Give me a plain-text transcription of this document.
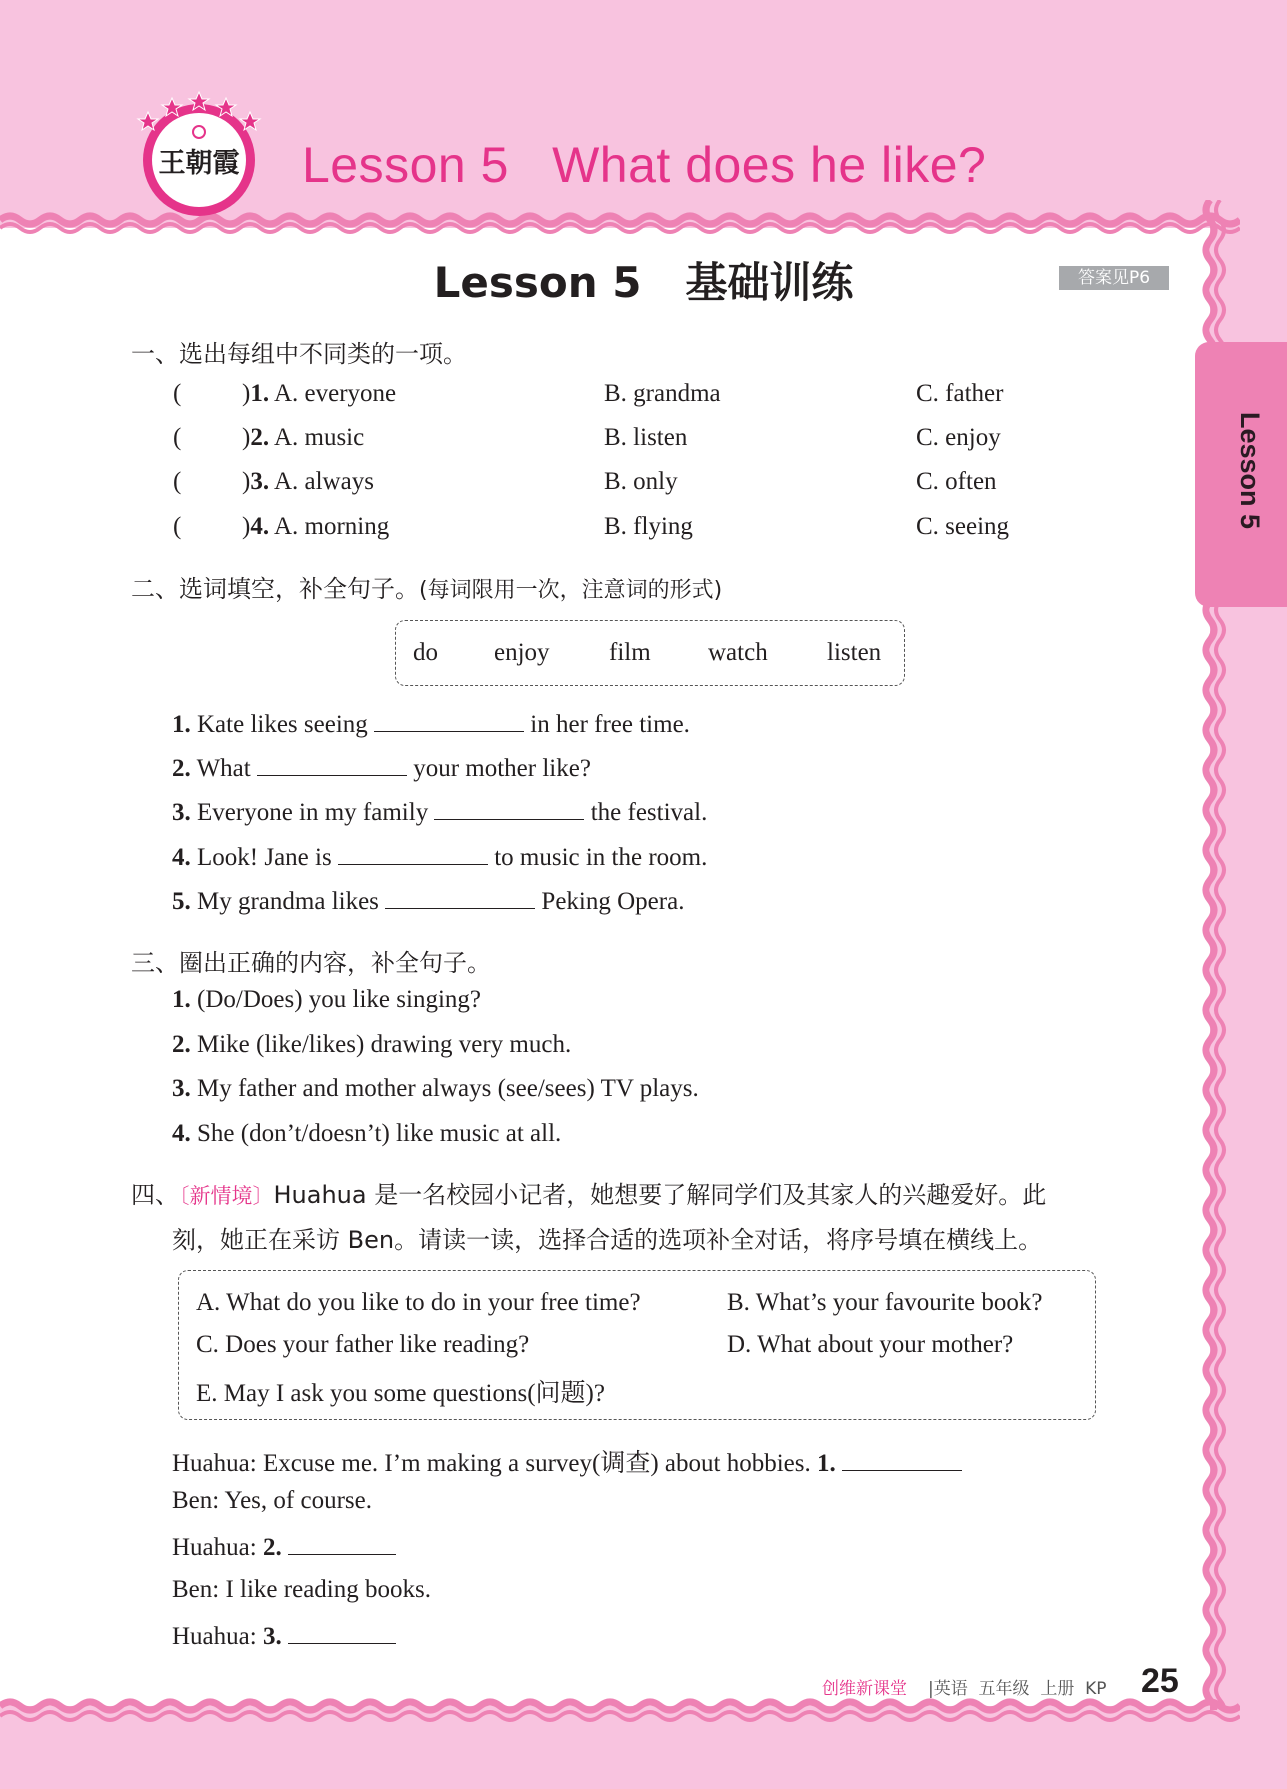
王朝霞 Lesson 5   What does he like?
Lesson 5
Lesson 5   基础训练	答案见P6
一、选出每组中不同类的一项。
( )1. A. everyone	B. grandma	C. father
( )2. A. music	B. listen	C. enjoy
( )3. A. always	B. only	C. often
( )4. A. morning	B. flying	C. seeing
二、选词填空，补全句子。(每词限用一次，注意词的形式)
do enjoy film watch listen
1. Kate likes seeing	in her free time.
2. What	your mother like?
3. Everyone in my family	the festival.
4. Look! Jane is	to music in the room.
5. My grandma likes	Peking Opera.
三、圈出正确的内容，补全句子。
1. (Do/Does) you like singing?
2. Mike (like/likes) drawing very much.
3. My father and mother always (see/sees) TV plays.
4. She (don’t/doesn’t) like music at all.
四、〔新情境〕Huahua 是一名校园小记者，她想要了解同学们及其家人的兴趣爱好。此
刻，她正在采访 Ben。请读一读，选择合适的选项补全对话，将序号填在横线上。
A. What do you like to do in your free time?	B. What’s your favourite book?
C. Does your father like reading?	D. What about your mother?
E. May I ask you some questions(问题)?
Huahua: Excuse me. I’m making a survey(调查) about hobbies. 1.
Ben: Yes, of course.
Huahua: 2.
Ben: I like reading books.
Huahua: 3.
创维新课堂 |英语  五年级  上册  KP 25
